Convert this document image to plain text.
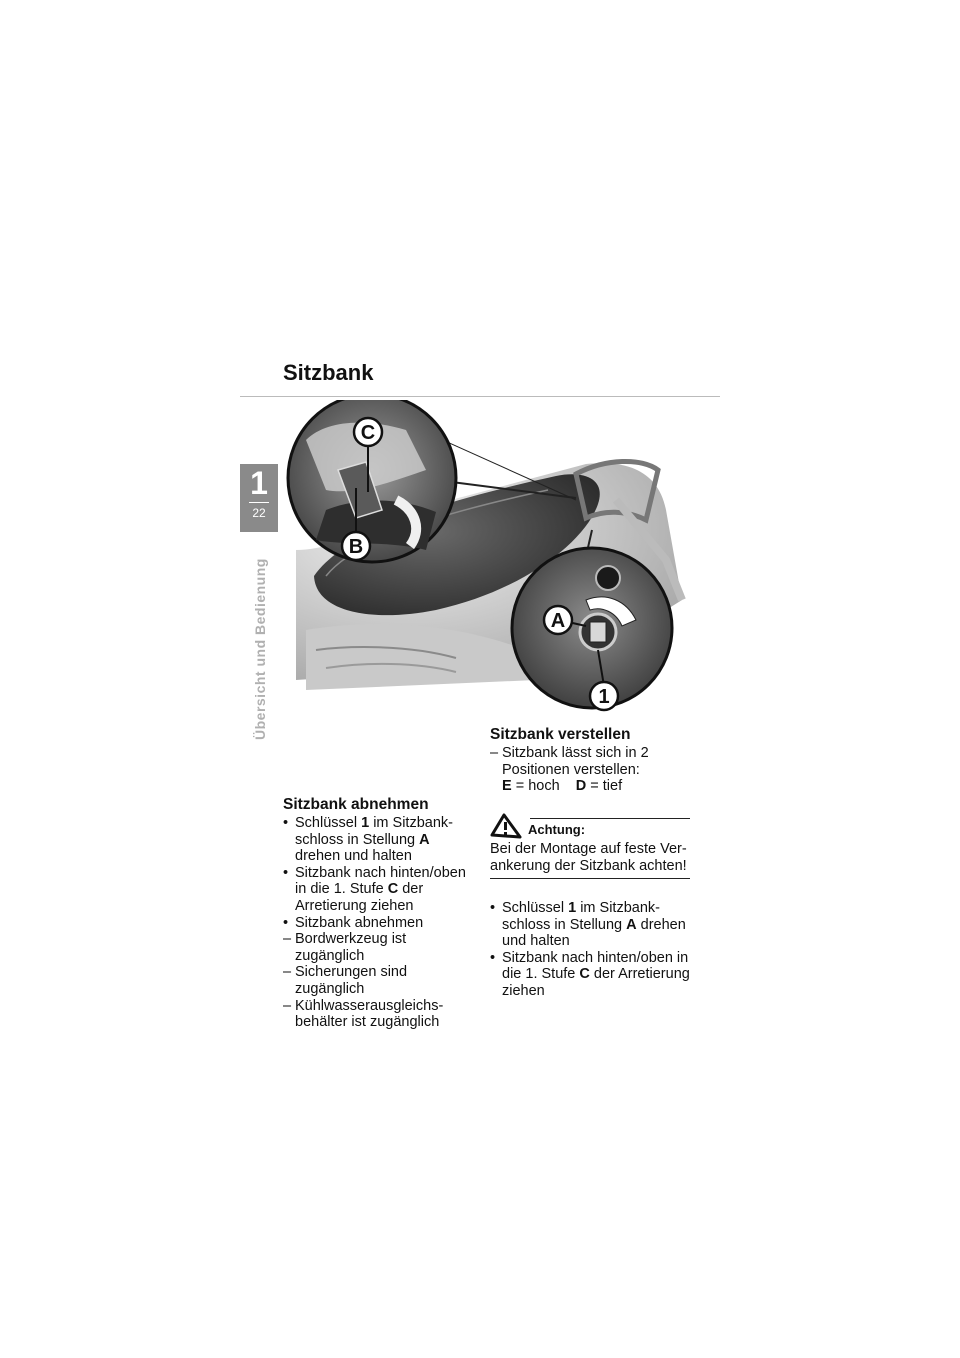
Sitzbank
1
22
Übersicht und Bedienung
C
B
A
1
Sitzbank abnehmen
• Schlüssel 1 im Sitzbank-schloss in Stellung A drehen und halten
• Sitzbank nach hinten/oben in die 1. Stufe C der Arretierung ziehen
• Sitzbank abnehmen
– Bordwerkzeug ist zugänglich
– Sicherungen sind zugänglich
– Kühlwasserausgleichs-behälter ist zugänglich
Sitzbank verstellen
– Sitzbank lässt sich in 2 Positionen verstellen:
E = hoch D = tief
Achtung:
Bei der Montage auf feste Ver-ankerung der Sitzbank achten!
• Schlüssel 1 im Sitzbank-schloss in Stellung A drehen und halten
• Sitzbank nach hinten/oben in die 1. Stufe C der Arretierung ziehen
